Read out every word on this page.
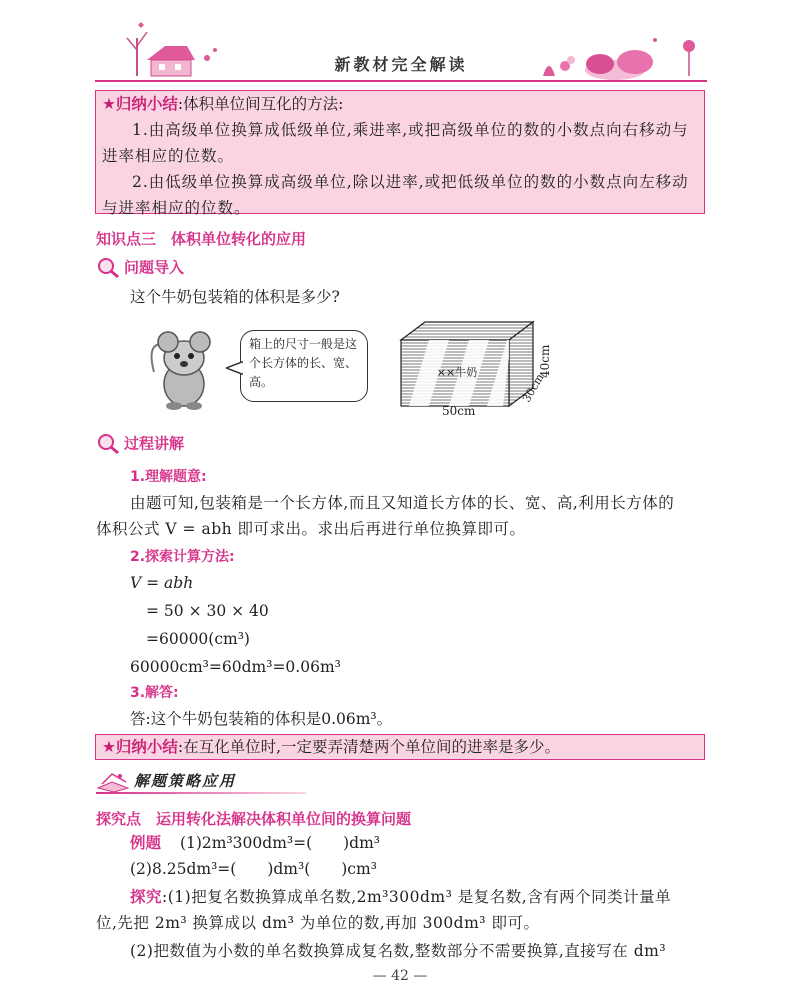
新教材完全解读
★归纳小结:体积单位间互化的方法:
1.由高级单位换算成低级单位,乘进率,或把高级单位的数的小数点向右移动与进率相应的位数。
2.由低级单位换算成高级单位,除以进率,或把低级单位的数的小数点向左移动与进率相应的位数。
知识点三　体积单位转化的应用
问题导入
这个牛奶包装箱的体积是多少?
箱上的尺寸一般是这个长方体的长、宽、高。
××牛奶
50cm
30cm
40cm
过程讲解
1.理解题意:
由题可知,包装箱是一个长方体,而且又知道长方体的长、宽、高,利用长方体的
体积公式 V = abh 即可求出。求出后再进行单位换算即可。
2.探索计算方法:
V = abh
= 50 × 30 × 40
=60000(cm³)
60000cm³=60dm³=0.06m³
3.解答:
答:这个牛奶包装箱的体积是0.06m³。
★归纳小结:在互化单位时,一定要弄清楚两个单位间的进率是多少。
解题策略应用
探究点　运用转化法解决体积单位间的换算问题
例题 (1)2m³300dm³=(　　)dm³
(2)8.25dm³=(　　)dm³(　　)cm³
探究:(1)把复名数换算成单名数,2m³300dm³ 是复名数,含有两个同类计量单
位,先把 2m³ 换算成以 dm³ 为单位的数,再加 300dm³ 即可。
(2)把数值为小数的单名数换算成复名数,整数部分不需要换算,直接写在 dm³
— 42 —
